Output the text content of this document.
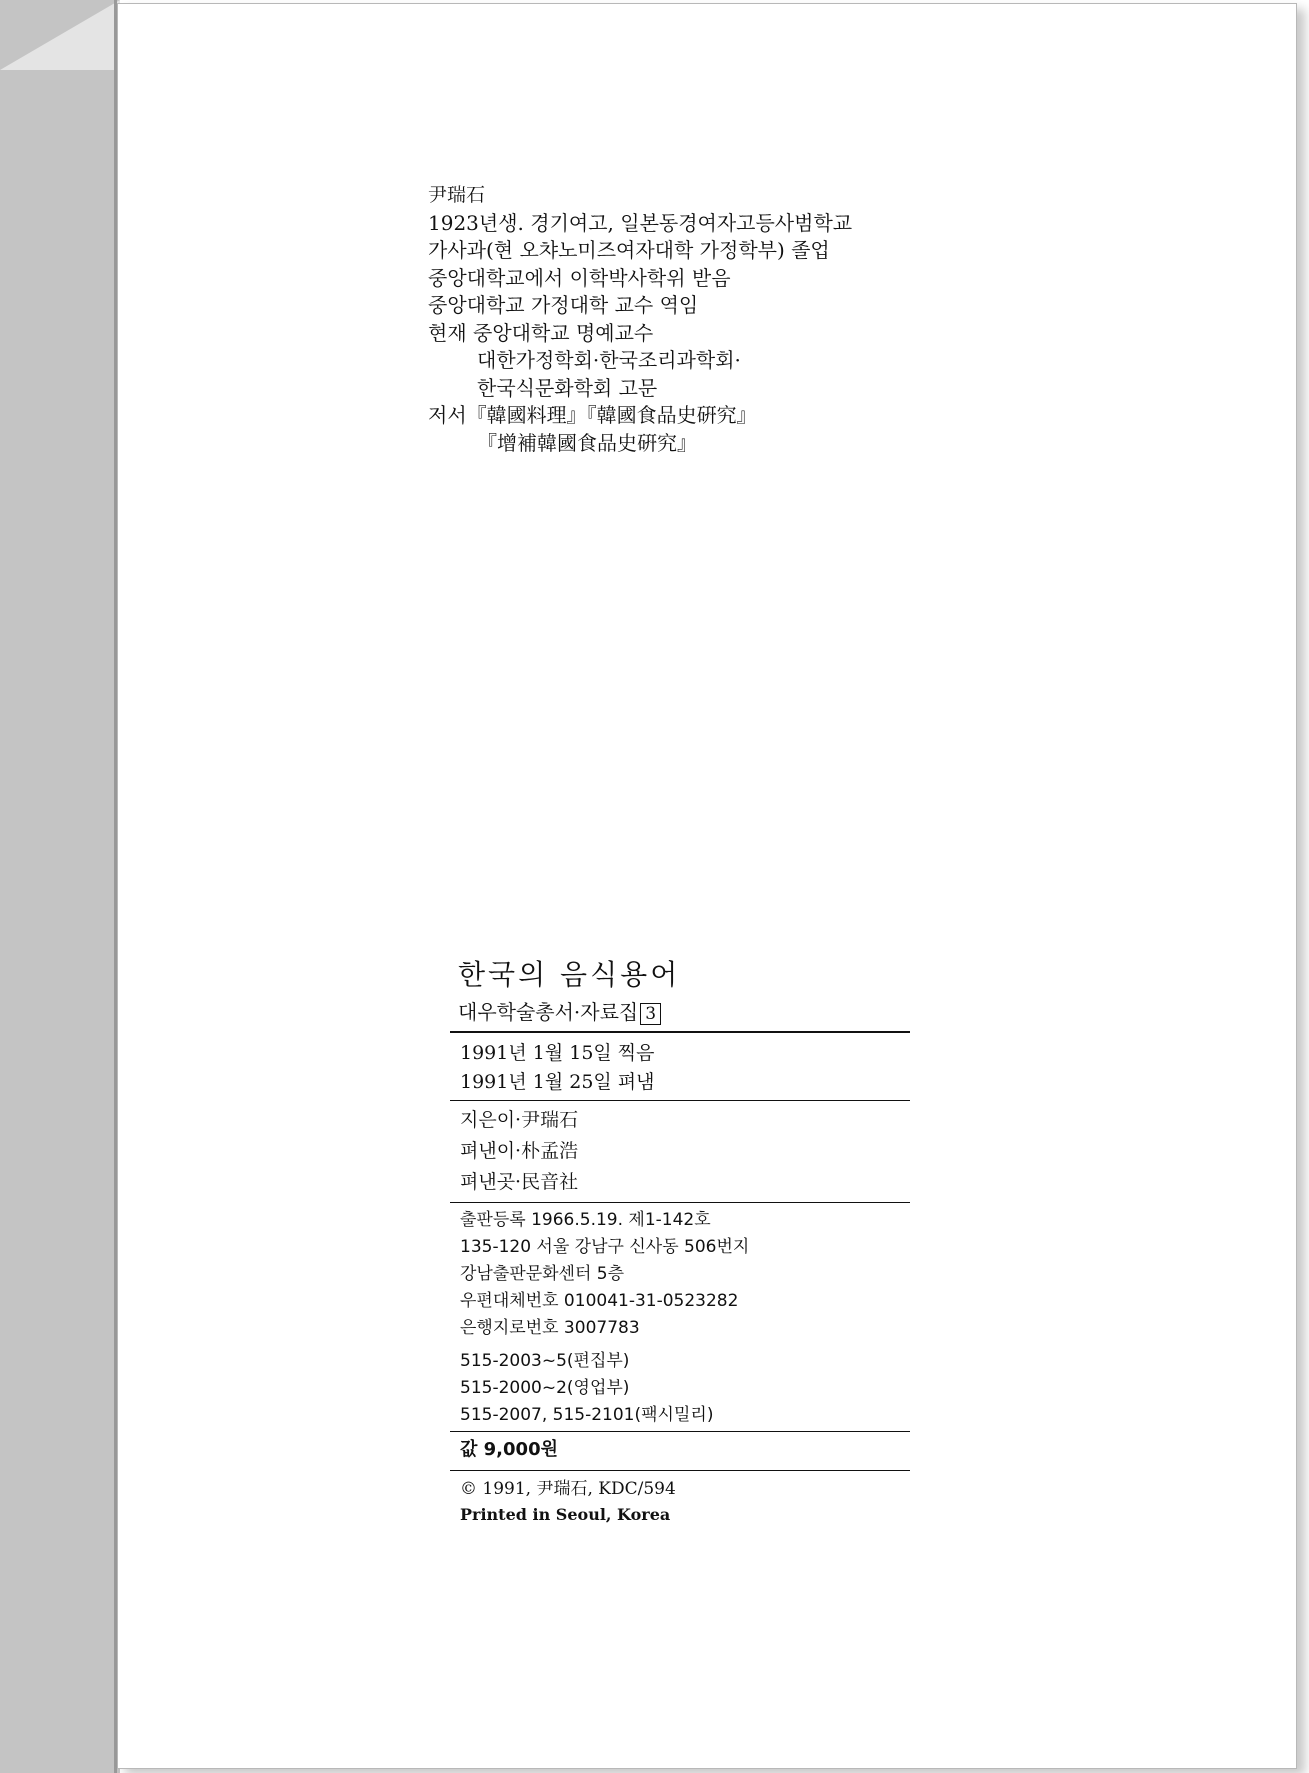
尹瑞石
1923년생. 경기여고, 일본동경여자고등사범학교
가사과(현 오챠노미즈여자대학 가정학부) 졸업
중앙대학교에서 이학박사학위 받음
중앙대학교 가정대학 교수 역임
현재 중앙대학교 명예교수
대한가정학회·한국조리과학회·
한국식문화학회 고문
저서『韓國料理』『韓國食品史硏究』
『增補韓國食品史硏究』
한국의 음식용어
대우학술총서·자료집 3
1991년 1월 15일 찍음
1991년 1월 25일 펴냄
지은이·尹瑞石
펴낸이·朴孟浩
펴낸곳·民音社
출판등록 1966.5.19. 제1-142호
135-120 서울 강남구 신사동 506번지
강남출판문화센터 5층
우편대체번호 010041-31-0523282
은행지로번호 3007783
515-2003~5(편집부)
515-2000~2(영업부)
515-2007, 515-2101(팩시밀리)
값 9,000원
© 1991, 尹瑞石, KDC/594
Printed in Seoul, Korea
